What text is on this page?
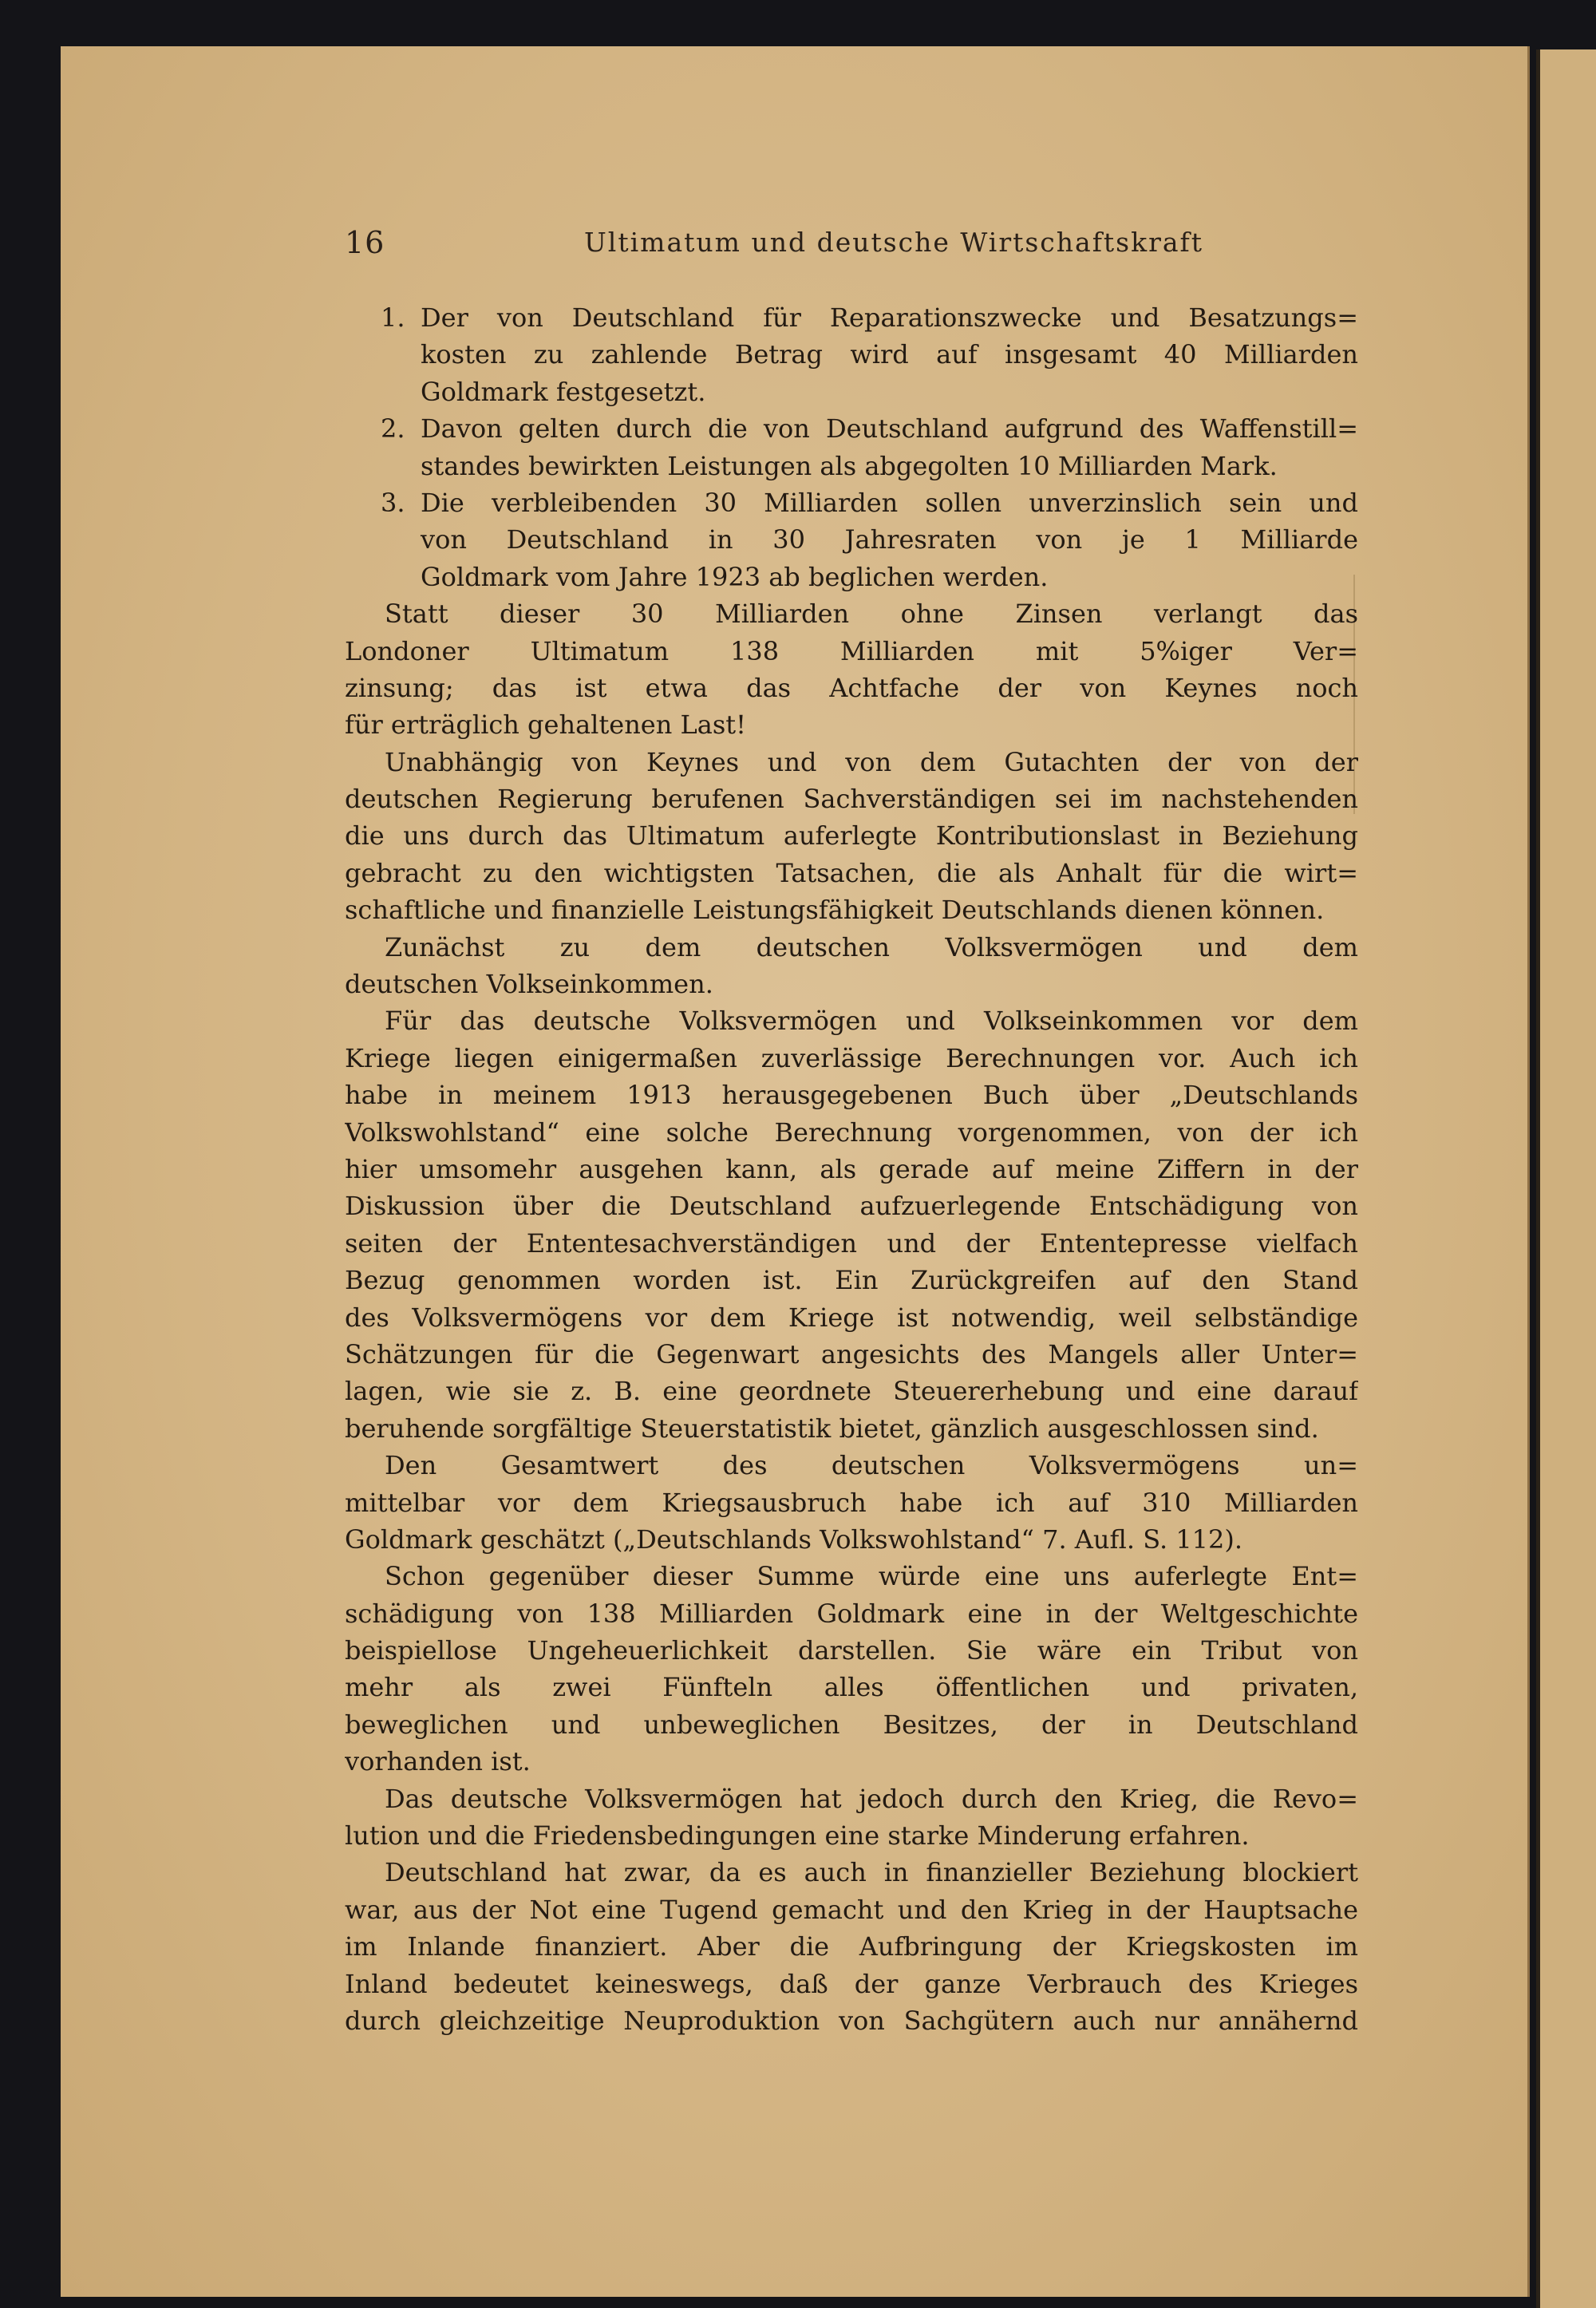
16	Ultimatum und deutsche Wirtschaftskraft
1. Der von Deutschland für Reparationszwecke und Besatzungs=
kosten zu zahlende Betrag wird auf insgesamt 40 Milliarden
Goldmark festgesetzt.
2. Davon gelten durch die von Deutschland aufgrund des Waffenstill=
standes bewirkten Leistungen als abgegolten 10 Milliarden Mark.
3. Die verbleibenden 30 Milliarden sollen unverzinslich sein und
von Deutschland in 30 Jahresraten von je 1 Milliarde
Goldmark vom Jahre 1923 ab beglichen werden.
Statt dieser 30 Milliarden ohne Zinsen verlangt das
Londoner Ultimatum 138 Milliarden mit 5%iger Ver=
zinsung; das ist etwa das Achtfache der von Keynes noch
für erträglich gehaltenen Last!
Unabhängig von Keynes und von dem Gutachten der von der
deutschen Regierung berufenen Sachverständigen sei im nachstehenden
die uns durch das Ultimatum auferlegte Kontributionslast in Beziehung
gebracht zu den wichtigsten Tatsachen, die als Anhalt für die wirt=
schaftliche und finanzielle Leistungsfähigkeit Deutschlands dienen können.
Zunächst zu dem deutschen Volksvermögen und dem
deutschen Volkseinkommen.
Für das deutsche Volksvermögen und Volkseinkommen vor dem
Kriege liegen einigermaßen zuverlässige Berechnungen vor. Auch ich
habe in meinem 1913 herausgegebenen Buch über „Deutschlands
Volkswohlstand“ eine solche Berechnung vorgenommen, von der ich
hier umsomehr ausgehen kann, als gerade auf meine Ziffern in der
Diskussion über die Deutschland aufzuerlegende Entschädigung von
seiten der Ententesachverständigen und der Ententepresse vielfach
Bezug genommen worden ist. Ein Zurückgreifen auf den Stand
des Volksvermögens vor dem Kriege ist notwendig, weil selbständige
Schätzungen für die Gegenwart angesichts des Mangels aller Unter=
lagen, wie sie z. B. eine geordnete Steuererhebung und eine darauf
beruhende sorgfältige Steuerstatistik bietet, gänzlich ausgeschlossen sind.
Den Gesamtwert des deutschen Volksvermögens un=
mittelbar vor dem Kriegsausbruch habe ich auf 310 Milliarden
Goldmark geschätzt („Deutschlands Volkswohlstand“ 7. Aufl. S. 112).
Schon gegenüber dieser Summe würde eine uns auferlegte Ent=
schädigung von 138 Milliarden Goldmark eine in der Weltgeschichte
beispiellose Ungeheuerlichkeit darstellen. Sie wäre ein Tribut von
mehr als zwei Fünfteln alles öffentlichen und privaten,
beweglichen und unbeweglichen Besitzes, der in Deutschland
vorhanden ist.
Das deutsche Volksvermögen hat jedoch durch den Krieg, die Revo=
lution und die Friedensbedingungen eine starke Minderung erfahren.
Deutschland hat zwar, da es auch in finanzieller Beziehung blockiert
war, aus der Not eine Tugend gemacht und den Krieg in der Hauptsache
im Inlande finanziert. Aber die Aufbringung der Kriegskosten im
Inland bedeutet keineswegs, daß der ganze Verbrauch des Krieges
durch gleichzeitige Neuproduktion von Sachgütern auch nur annähernd
